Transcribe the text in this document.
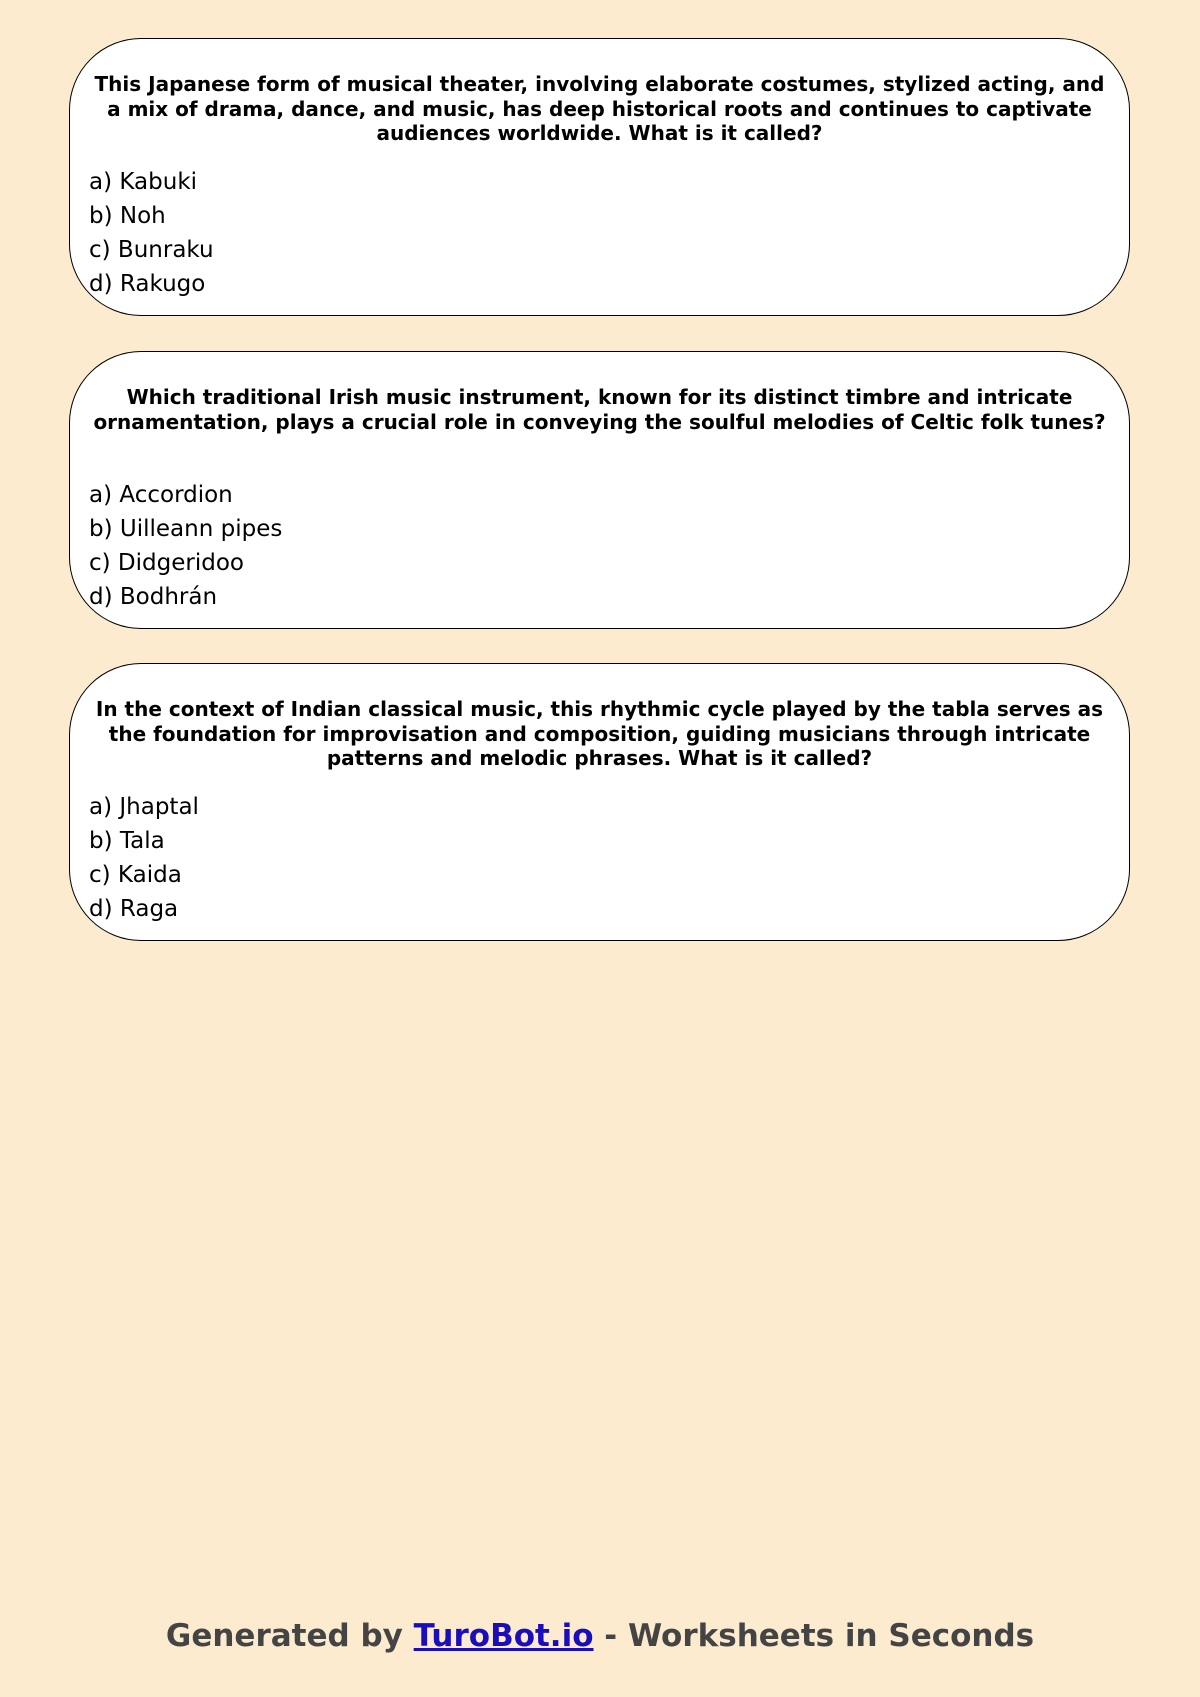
This Japanese form of musical theater, involving elaborate costumes, stylized acting, and a mix of drama, dance, and music, has deep historical roots and continues to captivate audiences worldwide. What is it called?

a) Kabuki
b) Noh
c) Bunraku
d) Rakugo

Which traditional Irish music instrument, known for its distinct timbre and intricate ornamentation, plays a crucial role in conveying the soulful melodies of Celtic folk tunes?

a) Accordion
b) Uilleann pipes
c) Didgeridoo
d) Bodhrán

In the context of Indian classical music, this rhythmic cycle played by the tabla serves as the foundation for improvisation and composition, guiding musicians through intricate patterns and melodic phrases. What is it called?

a) Jhaptal
b) Tala
c) Kaida
d) Raga
Generated by TuroBot.io - Worksheets in Seconds
